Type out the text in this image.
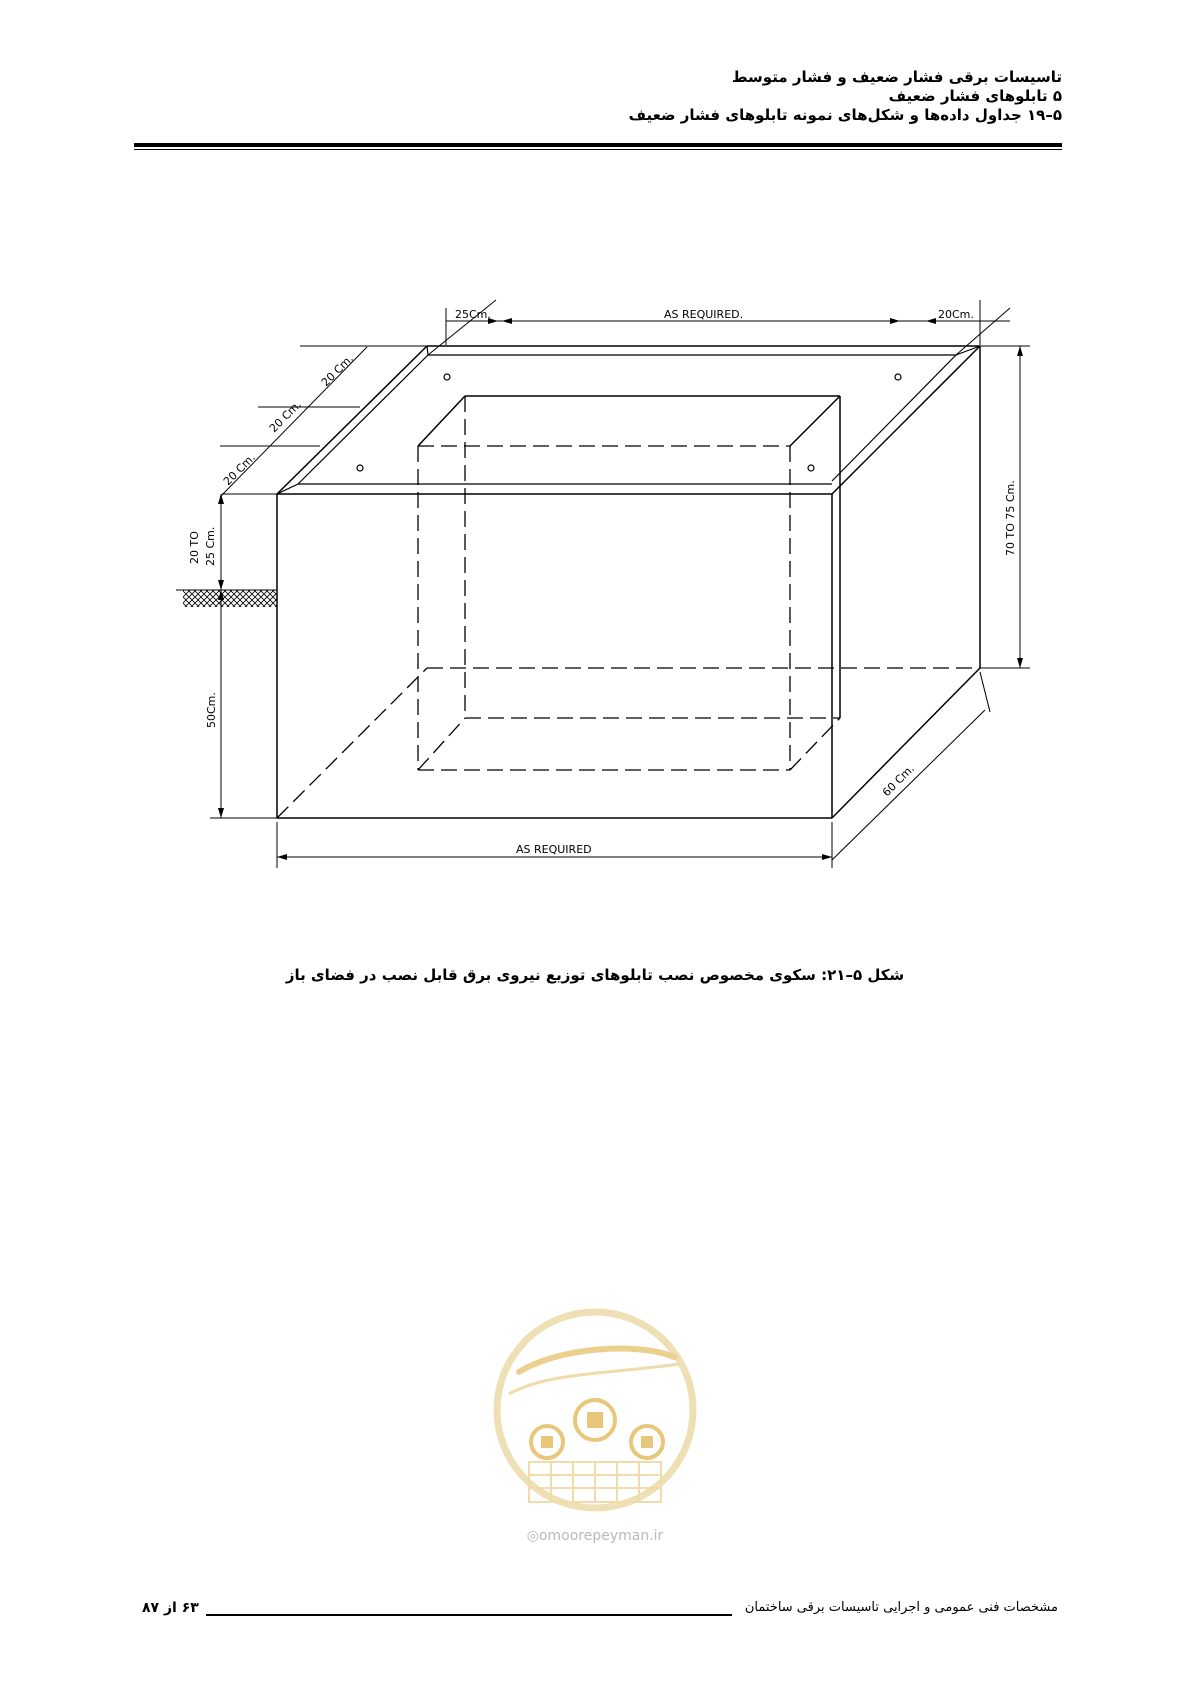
تاسیسات برقی فشار ضعیف و فشار متوسط
۵ تابلوهای فشار ضعیف
۵–۱۹ جداول داده‌ها و شکل‌های نمونه تابلوهای فشار ضعیف
25Cm.	AS REQUIRED.	20Cm.
20 Cm.
20 Cm.
20 Cm.
20 TO 25 Cm.
50Cm.
70 TO 75 Cm.
60 Cm.
AS REQUIRED
شکل ۵–۲۱: سکوی مخصوص نصب تابلوهای توزیع نیروی برق قابل نصب در فضای باز
◎omoorepeyman.ir
۶۳ از ۸۷	مشخصات فنی عمومی و اجرایی تاسیسات برقی ساختمان
